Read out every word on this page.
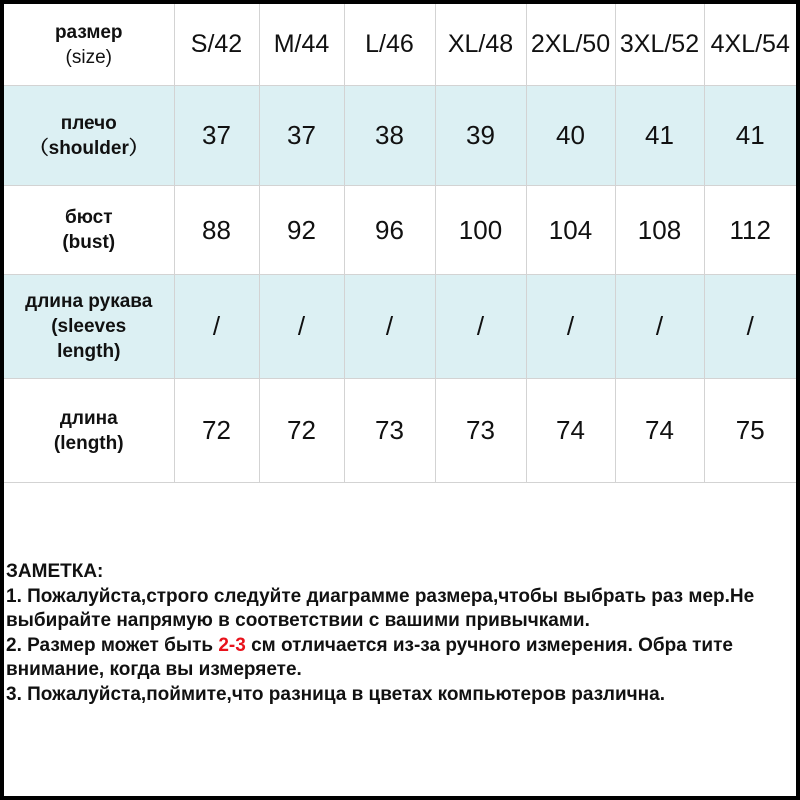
размер
(size)	S/42	M/44	L/46	XL/48	2XL/50	3XL/52	4XL/54

плечо
（shoulder）	37	37	38	39	40	41	41

бюст
(bust)	88	92	96	100	104	108	112

длина рукава
(sleeves
length)	/	/	/	/	/	/	/

длина
(length)	72	72	73	73	74	74	75

ЗАМЕТКА:

1. Пожалуйста,строго следуйте диаграмме размера,чтобы выбрать раз мер.Не выбирайте напрямую в соответствии с вашими привычками.

2. Размер может быть 2-3 см отличается из-за ручного измерения. Обра тите внимание, когда вы измеряете.

3. Пожалуйста,поймите,что разница в цветах компьютеров различна.
